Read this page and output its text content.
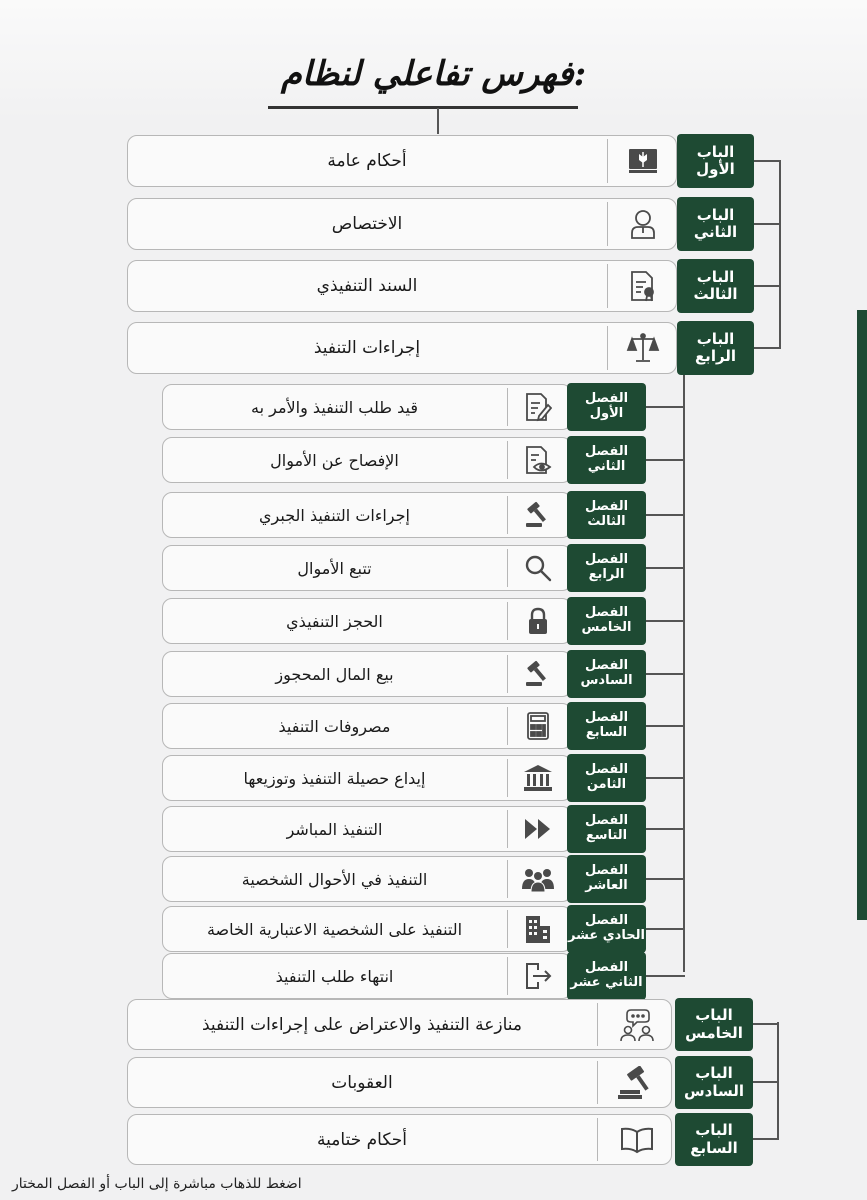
فهرس تفاعلي لنظام:
أحكام عامة	الباب
الأول
الاختصاص	الباب
الثاني
السند التنفيذي	الباب
الثالث
إجراءات التنفيذ	الباب
الرابع
قيد طلب التنفيذ والأمر به	الفصل
الأول
الإفصاح عن الأموال	الفصل
الثاني
إجراءات التنفيذ الجبري	الفصل
الثالث
تتبع الأموال	الفصل
الرابع
الحجز التنفيذي	الفصل
الخامس
بيع المال المحجوز	الفصل
السادس
مصروفات التنفيذ	الفصل
السابع
إيداع حصيلة التنفيذ وتوزيعها	الفصل
الثامن
التنفيذ المباشر	الفصل
التاسع
التنفيذ في الأحوال الشخصية	الفصل
العاشر
التنفيذ على الشخصية الاعتبارية الخاصة	الفصل
الحادي عشر
انتهاء طلب التنفيذ	الفصل
الثاني عشر
منازعة التنفيذ والاعتراض على إجراءات التنفيذ	الباب
الخامس
العقوبات	الباب
السادس
أحكام ختامية	الباب
السابع
اضغط للذهاب مباشرة إلى الباب أو الفصل المختار
